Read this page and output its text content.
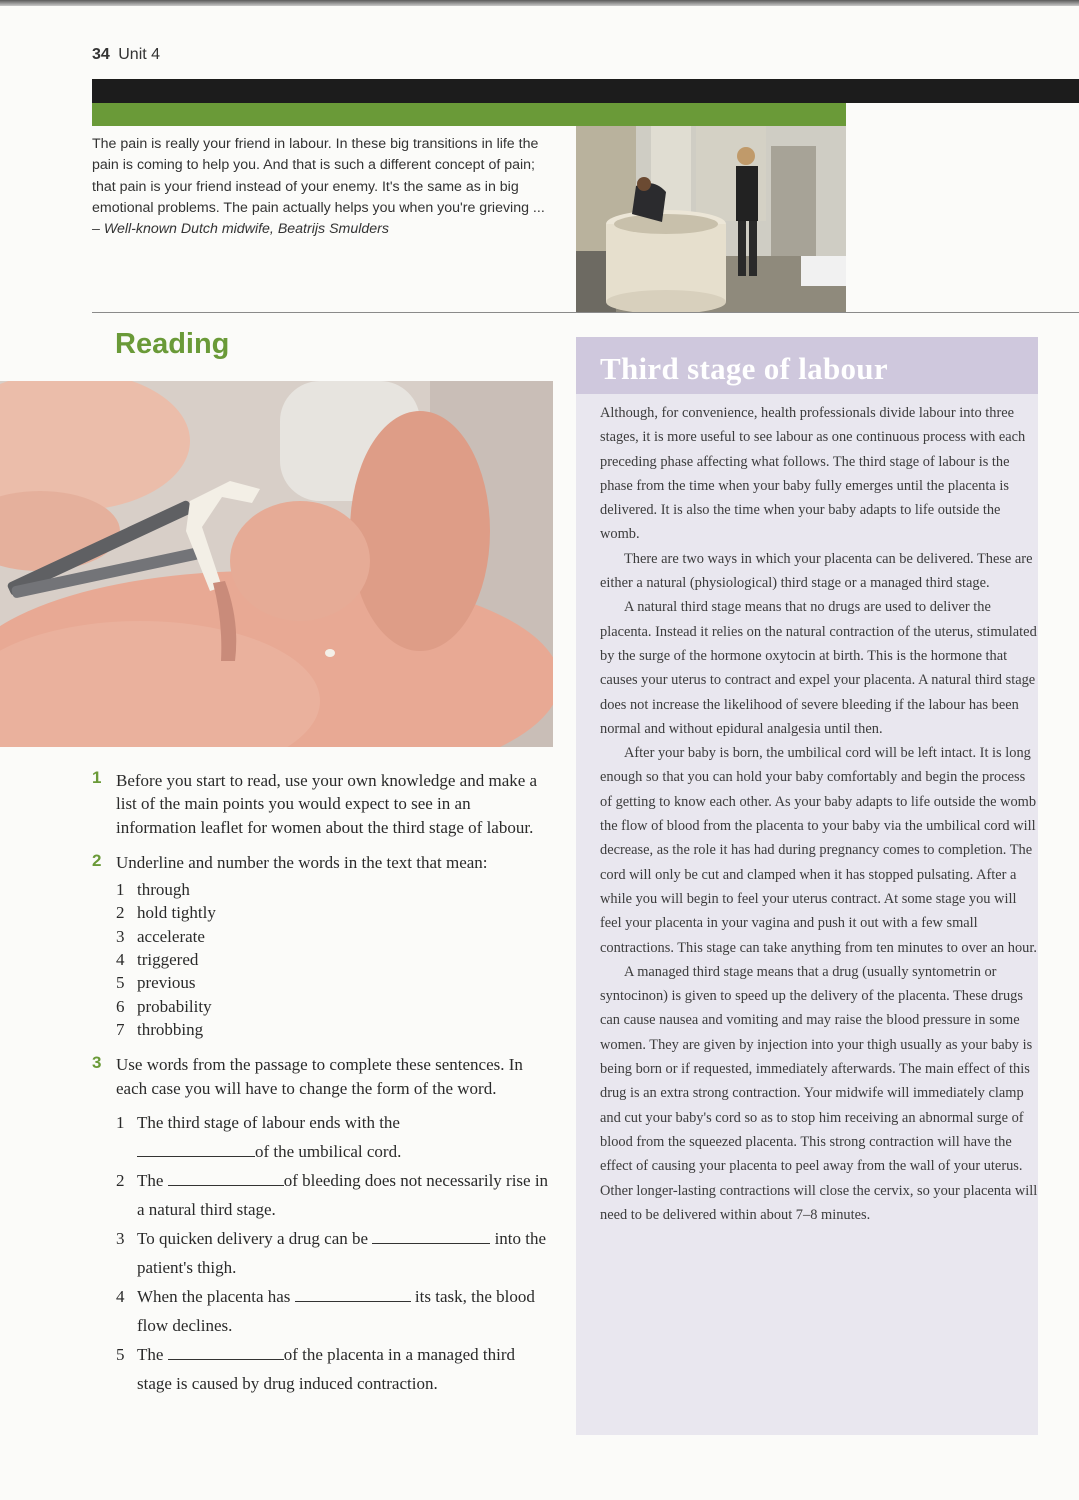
34 Unit 4

The pain is really your friend in labour. In these big transitions in life the pain is coming to help you. And that is such a different concept of pain; that pain is your friend instead of your enemy. It's the same as in big emotional problems. The pain actually helps you when you're grieving ...

– Well-known Dutch midwife, Beatrijs Smulders

Reading
1 Before you start to read, use your own knowledge and make a list of the main points you would expect to see in an information leaflet for women about the third stage of labour.
2 Underline and number the words in the text that mean:
1 through
2 hold tightly
3 accelerate
4 triggered
5 previous
6 probability
7 throbbing
3 Use words from the passage to complete these sentences. In each case you will have to change the form of the word.
1 The third stage of labour ends with the
of the umbilical cord.
2 The	of bleeding does not necessarily rise in a natural third stage.
3 To quicken delivery a drug can be	into the patient's thigh.
4 When the placenta has	its task, the blood flow declines.
5 The	of the placenta in a managed third stage is caused by drug induced contraction.
Third stage of labour

Although, for convenience, health professionals divide labour into three stages, it is more useful to see labour as one continuous process with each preceding phase affecting what follows. The third stage of labour is the phase from the time when your baby fully emerges until the placenta is delivered. It is also the time when your baby adapts to life outside the womb.

There are two ways in which your placenta can be delivered. These are either a natural (physiological) third stage or a managed third stage.

A natural third stage means that no drugs are used to deliver the placenta. Instead it relies on the natural contraction of the uterus, stimulated by the surge of the hormone oxytocin at birth. This is the hormone that causes your uterus to contract and expel your placenta. A natural third stage does not increase the likelihood of severe bleeding if the labour has been normal and without epidural analgesia until then.

After your baby is born, the umbilical cord will be left intact. It is long enough so that you can hold your baby comfortably and begin the process of getting to know each other. As your baby adapts to life outside the womb the flow of blood from the placenta to your baby via the umbilical cord will decrease, as the role it has had during pregnancy comes to completion. The cord will only be cut and clamped when it has stopped pulsating. After a while you will begin to feel your uterus contract. At some stage you will feel your placenta in your vagina and push it out with a few small contractions. This stage can take anything from ten minutes to over an hour.

A managed third stage means that a drug (usually syntometrin or syntocinon) is given to speed up the delivery of the placenta. These drugs can cause nausea and vomiting and may raise the blood pressure in some women. They are given by injection into your thigh usually as your baby is being born or if requested, immediately afterwards. The main effect of this drug is an extra strong contraction. Your midwife will immediately clamp and cut your baby's cord so as to stop him receiving an abnormal surge of blood from the squeezed placenta. This strong contraction will have the effect of causing your placenta to peel away from the wall of your uterus. Other longer-lasting contractions will close the cervix, so your placenta will need to be delivered within about 7–8 minutes.
